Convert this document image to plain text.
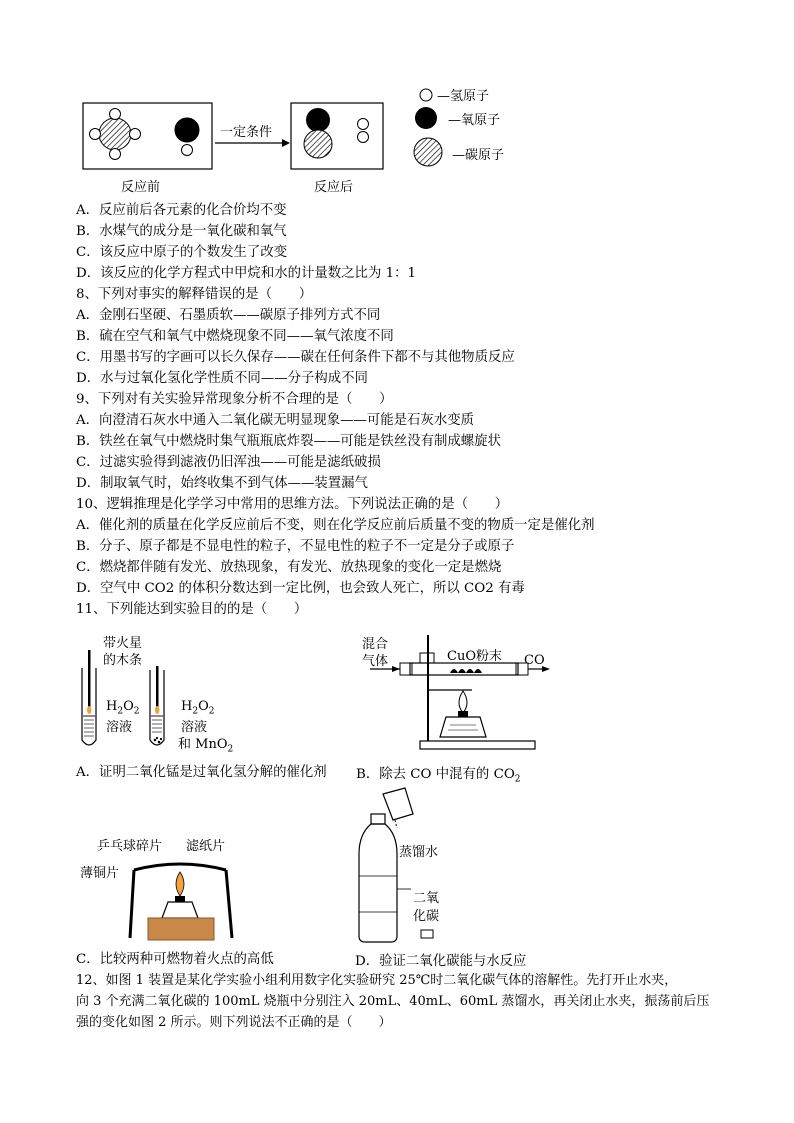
一定条件
反应前	反应后
—氢原子
—氧原子
—碳原子
A．反应前后各元素的化合价均不变
B．水煤气的成分是一氧化碳和氧气
C．该反应中原子的个数发生了改变
D．该反应的化学方程式中甲烷和水的计量数之比为 1：1
8、下列对事实的解释错误的是（　　）
A．金刚石坚硬、石墨质软——碳原子排列方式不同
B．硫在空气和氧气中燃烧现象不同——氧气浓度不同
C．用墨书写的字画可以长久保存——碳在任何条件下都不与其他物质反应
D．水与过氧化氢化学性质不同——分子构成不同
9、下列对有关实验异常现象分析不合理的是（　　）
A．向澄清石灰水中通入二氧化碳无明显现象——可能是石灰水变质
B．铁丝在氧气中燃烧时集气瓶瓶底炸裂——可能是铁丝没有制成螺旋状
C．过滤实验得到滤液仍旧浑浊——可能是滤纸破损
D．制取氧气时，始终收集不到气体——装置漏气
10、逻辑推理是化学学习中常用的思维方法。下列说法正确的是（　　）
A．催化剂的质量在化学反应前后不变，则在化学反应前后质量不变的物质一定是催化剂
B．分子、原子都是不显电性的粒子，不显电性的粒子不一定是分子或原子
C．燃烧都伴随有发光、放热现象，有发光、放热现象的变化一定是燃烧
D．空气中 CO2 的体积分数达到一定比例，也会致人死亡，所以 CO2 有毒
11、下列能达到实验目的的是（　　）
带火星
的木条
$H_2O_2$
溶液
$H_2O_2$
溶液
和 MnO$_2$
A．证明二氧化锰是过氧化氢分解的催化剂
混合
气体	CuO粉末 CO
B．除去 CO 中混有的 $CO_2$
乒乓球碎片 滤纸片
薄铜片
C．比较两种可燃物着火点的高低
蒸馏水
二氧
化碳
D．验证二氧化碳能与水反应
12、如图 1 装置是某化学实验小组利用数字化实验研究 25℃时二氧化碳气体的溶解性。先打开止水夹，
向 3 个充满二氧化碳的 100mL 烧瓶中分别注入 20mL、40mL、60mL 蒸馏水，再关闭止水夹，振荡前后压
强的变化如图 2 所示。则下列说法不正确的是（　　）
